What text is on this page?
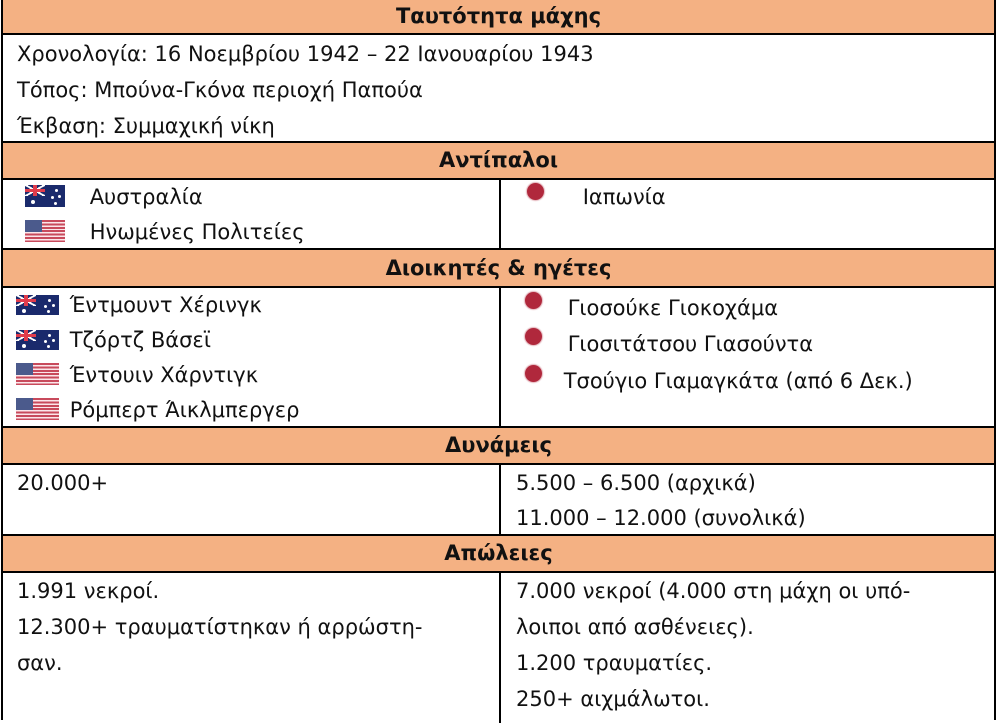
Ταυτότητα μάχης
Χρονολογία: 16 Νοεμβρίου 1942 – 22 Ιανουαρίου 1943
Τόπος: Μπούνα-Γκόνα περιοχή Παπούα
Έκβαση: Συμμαχική νίκη
Αντίπαλοι
Αυστραλία
Ηνωμένες Πολιτείες
Ιαπωνία
Διοικητές & ηγέτες
Έντμουντ Χέρινγκ
Τζόρτζ Βάσεϊ
Έντουιν Χάρντιγκ
Ρόμπερτ Άικλμπεργερ
Γιοσούκε Γιοκοχάμα
Γιοσιτάτσου Γιασούντα
Τσούγιο Γιαμαγκάτα (από 6 Δεκ.)
Δυνάμεις
20.000+	5.500 – 6.500 (αρχικά)
11.000 – 12.000 (συνολικά)
Απώλειες
1.991 νεκροί.
12.300+ τραυματίστηκαν ή αρρώστη-
σαν.
7.000 νεκροί (4.000 στη μάχη οι υπό-
λοιποι από ασθένειες).
1.200 τραυματίες.
250+ αιχμάλωτοι.
